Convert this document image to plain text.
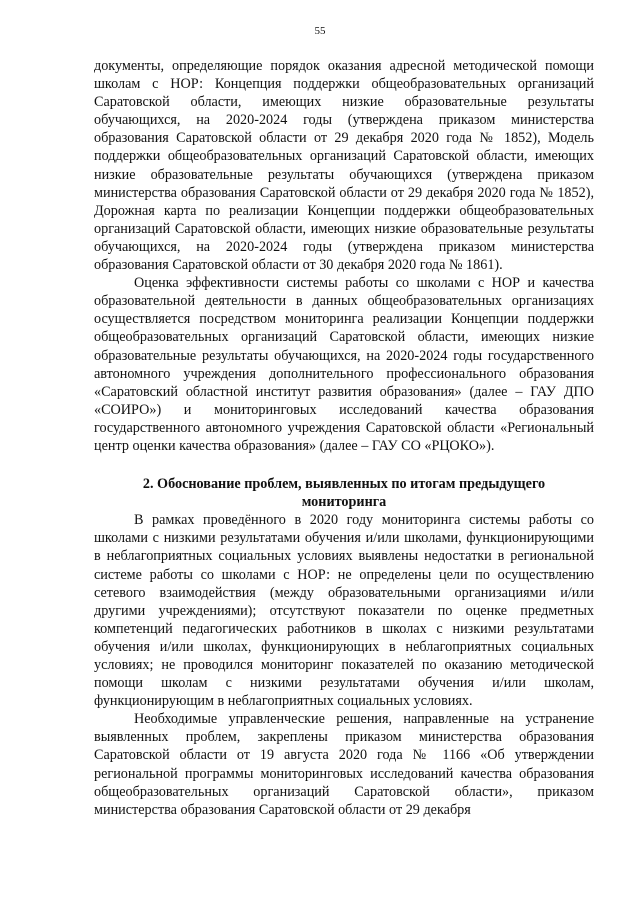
55

документы, определяющие порядок оказания адресной методической помощи школам с НОР: Концепция поддержки общеобразовательных организаций Саратовской области, имеющих низкие образовательные результаты обучающихся, на 2020-2024 годы (утверждена приказом министерства образования Саратовской области от 29 декабря 2020 года № 1852), Модель поддержки общеобразовательных организаций Саратовской области, имеющих низкие образовательные результаты обучающихся (утверждена приказом министерства образования Саратовской области от 29 декабря 2020 года № 1852), Дорожная карта по реализации Концепции поддержки общеобразовательных организаций Саратовской области, имеющих низкие образовательные результаты обучающихся, на 2020-2024 годы (утверждена приказом министерства образования Саратовской области от 30 декабря 2020 года № 1861).

Оценка эффективности системы работы со школами с НОР и качества образовательной деятельности в данных общеобразовательных организациях осуществляется посредством мониторинга реализации Концепции поддержки общеобразовательных организаций Саратовской области, имеющих низкие образовательные результаты обучающихся, на 2020-2024 годы государственного автономного учреждения дополнительного профессионального образования «Саратовский областной институт развития образования» (далее – ГАУ ДПО «СОИРО») и мониторинговых исследований качества образования государственного автономного учреждения Саратовской области «Региональный центр оценки качества образования» (далее – ГАУ СО «РЦОКО»).

2. Обоснование проблем, выявленных по итогам предыдущего мониторинга

В рамках проведённого в 2020 году мониторинга системы работы со школами с низкими результатами обучения и/или школами, функционирующими в неблагоприятных социальных условиях выявлены недостатки в региональной системе работы со школами с НОР: не определены цели по осуществлению сетевого взаимодействия (между образовательными организациями и/или другими учреждениями); отсутствуют показатели по оценке предметных компетенций педагогических работников в школах с низкими результатами обучения и/или школах, функционирующих в неблагоприятных социальных условиях; не проводился мониторинг показателей по оказанию методической помощи школам с низкими результатами обучения и/или школам, функционирующим в неблагоприятных социальных условиях.

Необходимые управленческие решения, направленные на устранение выявленных проблем, закреплены приказом министерства образования Саратовской области от 19 августа 2020 года № 1166 «Об утверждении региональной программы мониторинговых исследований качества образования общеобразовательных организаций Саратовской области», приказом министерства образования Саратовской области от 29 декабря
